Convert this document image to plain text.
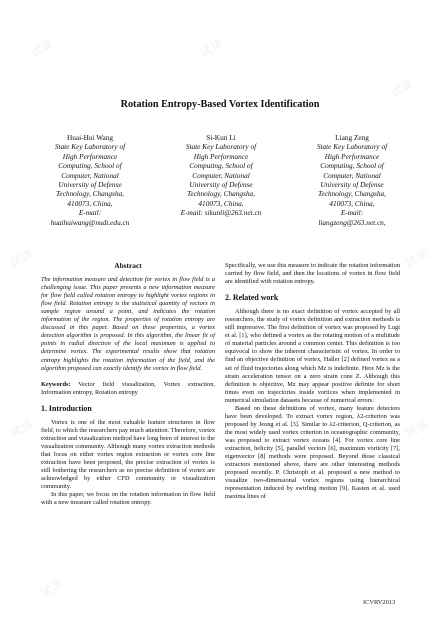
试读	试读
试读
试读	试读
试读	试读
试读
Rotation Entropy-Based Vortex Identification
Huai-Hui Wang
State Key Laboratory of
High Performance
Computing, School of
Computer, National
University of Defense
Technology, Changsha,
410073, China,
E-mail:
huaihuiwang@nudt.edu.cn
Si-Kun Li
State Key Laboratory of
High Performance
Computing, School of
Computer, National
University of Defense
Technology, Changsha,
410073, China,
E-mail: sikunli@263.net.cn
Liang Zeng
State Key Laboratory of
High Performance
Computing, School of
Computer, National
University of Defense
Technology, Changsha,
410073, China,
E-mail:
liangzeng@263.net.cn,
Abstract

The information measure and detection for vortex in flow field is a challenging issue. This paper presents a new information measure for flow field called rotation entropy to highlight vortex regions in flow field. Rotation entropy is the statistical quantity of vectors in sample region around a point, and indicates the rotation information of the region. The properties of rotation entropy are discussed in this paper. Based on these properties, a vortex detection algorithm is proposed. In this algorithm, the linear fit of points in radial direction of the local maximum is applied to determine vortex. The experimental results show that rotation entropy highlights the rotation information of the field, and the algorithm proposed can exactly identify the vortex in flow field.

Keywords: Vector field visualization, Vortex extraction, Information entropy, Rotation entropy

1. Introduction

Vortex is one of the most valuable feature structures in flow field, to which the researchers pay much attention. Therefore, vortex extraction and visualization method have long been of interest to the visualization community. Although many vortex extraction methods that focus on either vortex region extraction or vortex core line extraction have been proposed, the precise extraction of vortex is still bothering the researchers as no precise definition of vortex are acknowledged by either CFD community or visualization community.

In this paper, we focus on the rotation information in flow field with a new measure called rotation entropy.

Specifically, we use this measure to indicate the rotation information carried by flow field, and then the locations of vortex in flow field are identified with rotation entropy.

2. Related work

Although there is no exact definition of vortex accepted by all researchers, the study of vortex definition and extraction methods is still impressive. The first definition of vortex was proposed by Lugt et al. [1], who defined a vortex as the rotating motion of a multitude of material particles around a common center. This definition is too equivocal to show the inherent characteristic of vortex. In order to find an objective definition of vortex, Haller [2] defined vortex as a set of fluid trajectories along which Mz is indefinite. Here Mz is the strain acceleration tensor on a zero strain cone Z. Although this definition is objective, Mz may appear positive definite for short times even on trajectories inside vortices when implemented in numerical simulation datasets because of numerical errors.

Based on these definitions of vortex, many feature detectors have been developed. To extract vortex region, λ2-criterion was proposed by Jeong et al. [3]. Similar to λ2-criterion, Q-criterion, as the most widely used vortex criterion in oceanographic community, was proposed to extract vortex oceans [4]. For vortex core line extraction, helicity [5], parallel vectors [6], maximum vorticity [7], eigenvector [8] methods were proposed. Beyond those classical extractors mentioned above, there are other interesting methods proposed recently. P. Christoph et al. proposed a new method to visualize two-dimensional vortex regions using hierarchical representation induced by swirling motion [9]. Kasten et al. used maxima lines of

ICVRV2013
